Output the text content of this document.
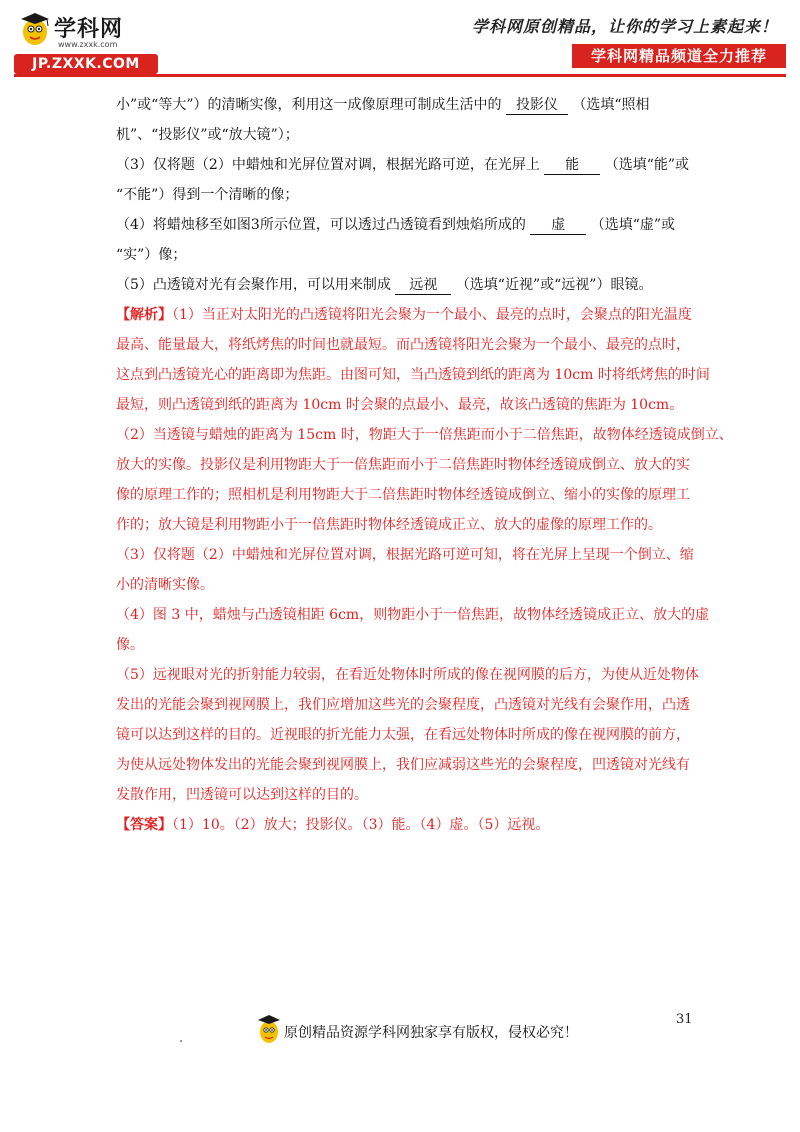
学科网
www.zxxk.com
JP.ZXXK.COM
学科网原创精品，让你的学习上素起来！
学科网精品频道全力推荐
小”或“等大”）的清晰实像，利用这一成像原理可制成生活中的 投影仪 （选填“照相
机”、“投影仪”或“放大镜”）；
（3）仅将题（2）中蜡烛和光屏位置对调，根据光路可逆，在光屏上 能 （选填“能”或
“不能”）得到一个清晰的像；
（4）将蜡烛移至如图3所示位置，可以透过凸透镜看到烛焰所成的 虚 （选填“虚”或
“实”）像；
（5）凸透镜对光有会聚作用，可以用来制成 远视 （选填“近视”或“远视”）眼镜。
【解析】（1）当正对太阳光的凸透镜将阳光会聚为一个最小、最亮的点时，会聚点的阳光温度
最高、能量最大，将纸烤焦的时间也就最短。而凸透镜将阳光会聚为一个最小、最亮的点时，
这点到凸透镜光心的距离即为焦距。由图可知，当凸透镜到纸的距离为 10cm 时将纸烤焦的时间
最短，则凸透镜到纸的距离为 10cm 时会聚的点最小、最亮，故该凸透镜的焦距为 10cm。
（2）当透镜与蜡烛的距离为 15cm 时，物距大于一倍焦距而小于二倍焦距，故物体经透镜成倒立、
放大的实像。投影仪是利用物距大于一倍焦距而小于二倍焦距时物体经透镜成倒立、放大的实
像的原理工作的；照相机是利用物距大于二倍焦距时物体经透镜成倒立、缩小的实像的原理工
作的；放大镜是利用物距小于一倍焦距时物体经透镜成正立、放大的虚像的原理工作的。
（3）仅将题（2）中蜡烛和光屏位置对调，根据光路可逆可知，将在光屏上呈现一个倒立、缩
小的清晰实像。
（4）图 3 中，蜡烛与凸透镜相距 6cm，则物距小于一倍焦距，故物体经透镜成正立、放大的虚
像。
（5）远视眼对光的折射能力较弱，在看近处物体时所成的像在视网膜的后方，为使从近处物体
发出的光能会聚到视网膜上，我们应增加这些光的会聚程度，凸透镜对光线有会聚作用，凸透
镜可以达到这样的目的。近视眼的折光能力太强，在看远处物体时所成的像在视网膜的前方，
为使从远处物体发出的光能会聚到视网膜上，我们应减弱这些光的会聚程度，凹透镜对光线有
发散作用，凹透镜可以达到这样的目的。
【答案】（1）10。（2）放大；投影仪。（3）能。（4）虚。（5）远视。
31
原创精品资源学科网独家享有版权，侵权必究！
